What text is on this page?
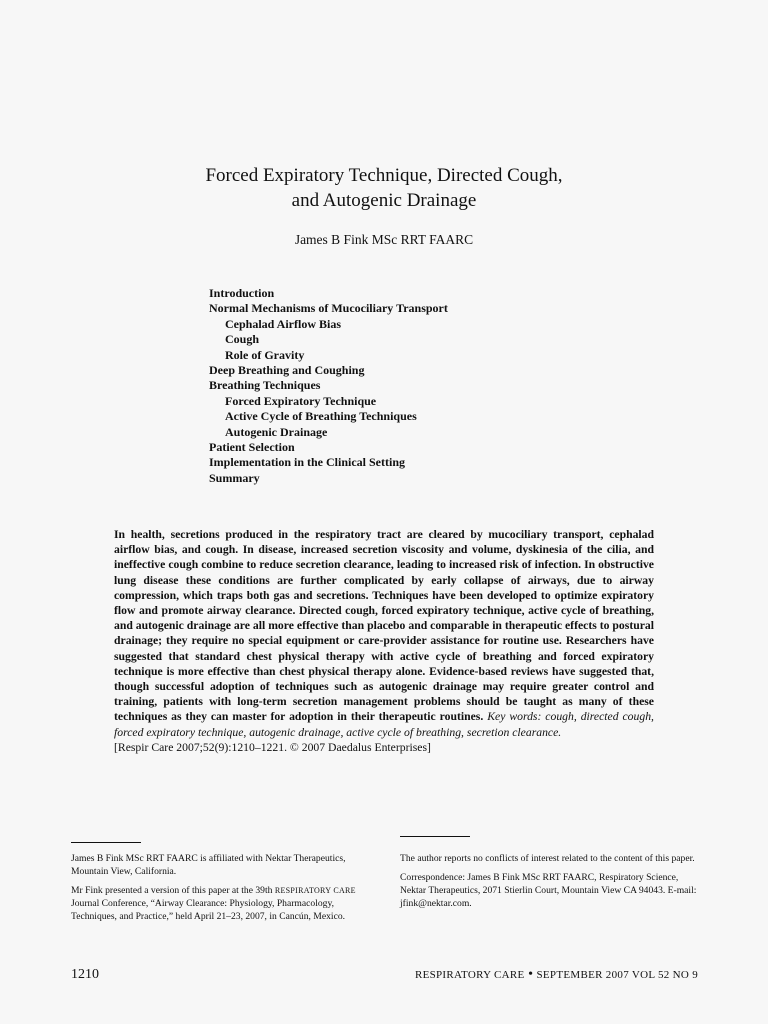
Forced Expiratory Technique, Directed Cough,
and Autogenic Drainage
James B Fink MSc RRT FAARC
Introduction
Normal Mechanisms of Mucociliary Transport
Cephalad Airflow Bias
Cough
Role of Gravity
Deep Breathing and Coughing
Breathing Techniques
Forced Expiratory Technique
Active Cycle of Breathing Techniques
Autogenic Drainage
Patient Selection
Implementation in the Clinical Setting
Summary
In health, secretions produced in the respiratory tract are cleared by mucociliary transport, cephalad airflow bias, and cough. In disease, increased secretion viscosity and volume, dyskinesia of the cilia, and ineffective cough combine to reduce secretion clearance, leading to increased risk of infection. In obstructive lung disease these conditions are further complicated by early collapse of airways, due to airway compression, which traps both gas and secretions. Techniques have been developed to optimize expiratory flow and promote airway clearance. Directed cough, forced expiratory technique, active cycle of breathing, and autogenic drainage are all more effective than placebo and comparable in therapeutic effects to postural drainage; they require no special equipment or care-provider assistance for routine use. Researchers have suggested that standard chest physical therapy with active cycle of breathing and forced expiratory technique is more effective than chest physical therapy alone. Evidence-based reviews have suggested that, though successful adoption of techniques such as autogenic drainage may require greater control and training, patients with long-term secretion management problems should be taught as many of these techniques as they can master for adoption in their therapeutic routines. Key words: cough, directed cough, forced expiratory technique, autogenic drainage, active cycle of breathing, secretion clearance.
[Respir Care 2007;52(9):1210–1221. © 2007 Daedalus Enterprises]

James B Fink MSc RRT FAARC is affiliated with Nektar Therapeutics, Mountain View, California.

Mr Fink presented a version of this paper at the 39th RESPIRATORY CARE Journal Conference, “Airway Clearance: Physiology, Pharmacology, Techniques, and Practice,” held April 21–23, 2007, in Cancún, Mexico.

The author reports no conflicts of interest related to the content of this paper.

Correspondence: James B Fink MSc RRT FAARC, Respiratory Science, Nektar Therapeutics, 2071 Stierlin Court, Mountain View CA 94043. E-mail: jfink@nektar.com.

1210	RESPIRATORY CARE • SEPTEMBER 2007 VOL 52 NO 9
